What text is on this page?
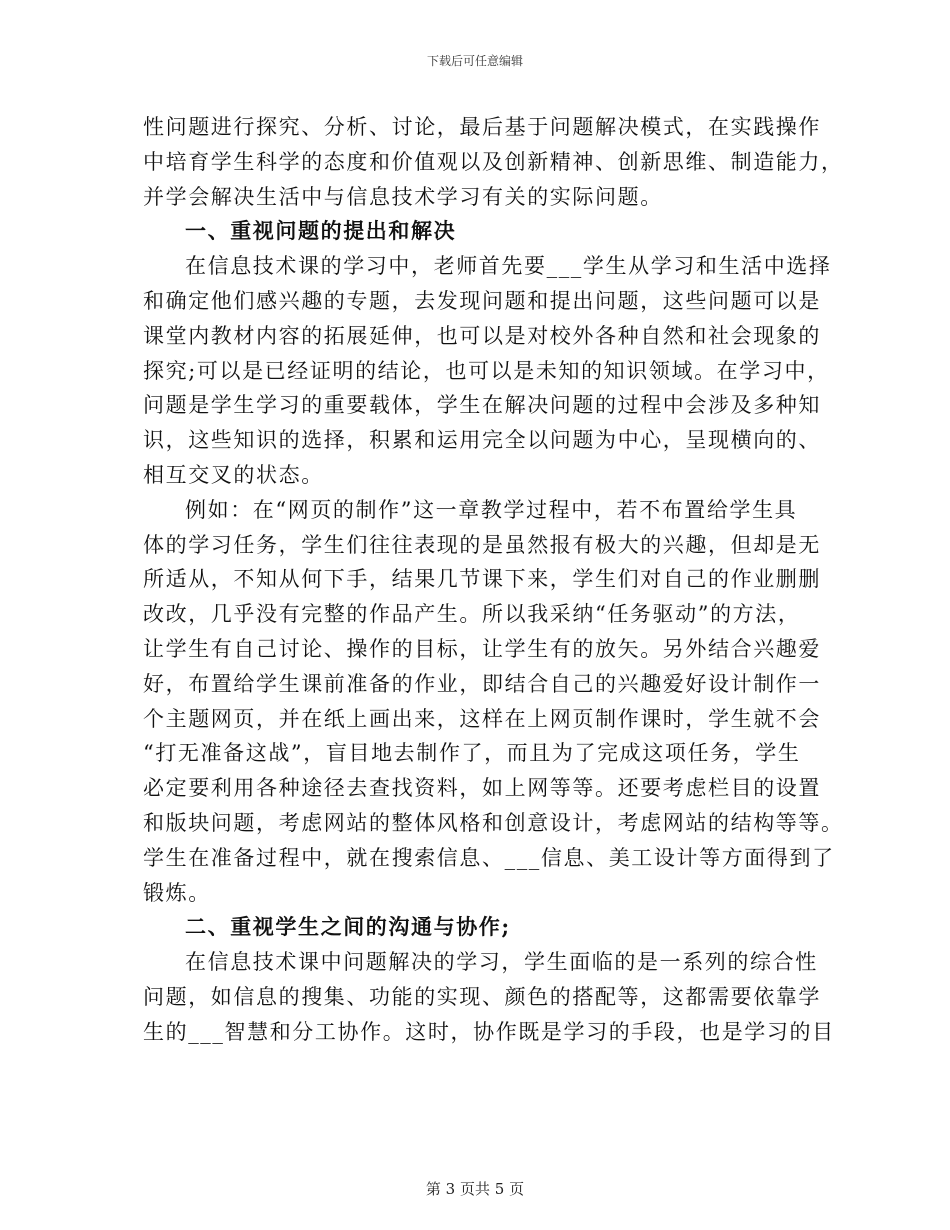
下载后可任意编辑
性问题进行探究、分析、讨论，最后基于问题解决模式，在实践操作
中培育学生科学的态度和价值观以及创新精神、创新思维、制造能力，
并学会解决生活中与信息技术学习有关的实际问题。
一、重视问题的提出和解决
在信息技术课的学习中，老师首先要___学生从学习和生活中选择
和确定他们感兴趣的专题，去发现问题和提出问题，这些问题可以是
课堂内教材内容的拓展延伸，也可以是对校外各种自然和社会现象的
探究;可以是已经证明的结论，也可以是未知的知识领域。在学习中，
问题是学生学习的重要载体，学生在解决问题的过程中会涉及多种知
识，这些知识的选择，积累和运用完全以问题为中心，呈现横向的、
相互交叉的状态。
例如：在“网页的制作”这一章教学过程中，若不布置给学生具
体的学习任务，学生们往往表现的是虽然报有极大的兴趣，但却是无
所适从，不知从何下手，结果几节课下来，学生们对自己的作业删删
改改，几乎没有完整的作品产生。所以我采纳“任务驱动”的方法，
让学生有自己讨论、操作的目标，让学生有的放矢。另外结合兴趣爱
好，布置给学生课前准备的作业，即结合自己的兴趣爱好设计制作一
个主题网页，并在纸上画出来，这样在上网页制作课时，学生就不会
“打无准备这战”，盲目地去制作了，而且为了完成这项任务，学生
必定要利用各种途径去查找资料，如上网等等。还要考虑栏目的设置
和版块问题，考虑网站的整体风格和创意设计，考虑网站的结构等等。
学生在准备过程中，就在搜索信息、___信息、美工设计等方面得到了
锻炼。
二、重视学生之间的沟通与协作;
在信息技术课中问题解决的学习，学生面临的是一系列的综合性
问题，如信息的搜集、功能的实现、颜色的搭配等，这都需要依靠学
生的___智慧和分工协作。这时，协作既是学习的手段，也是学习的目
第 3 页共 5 页
